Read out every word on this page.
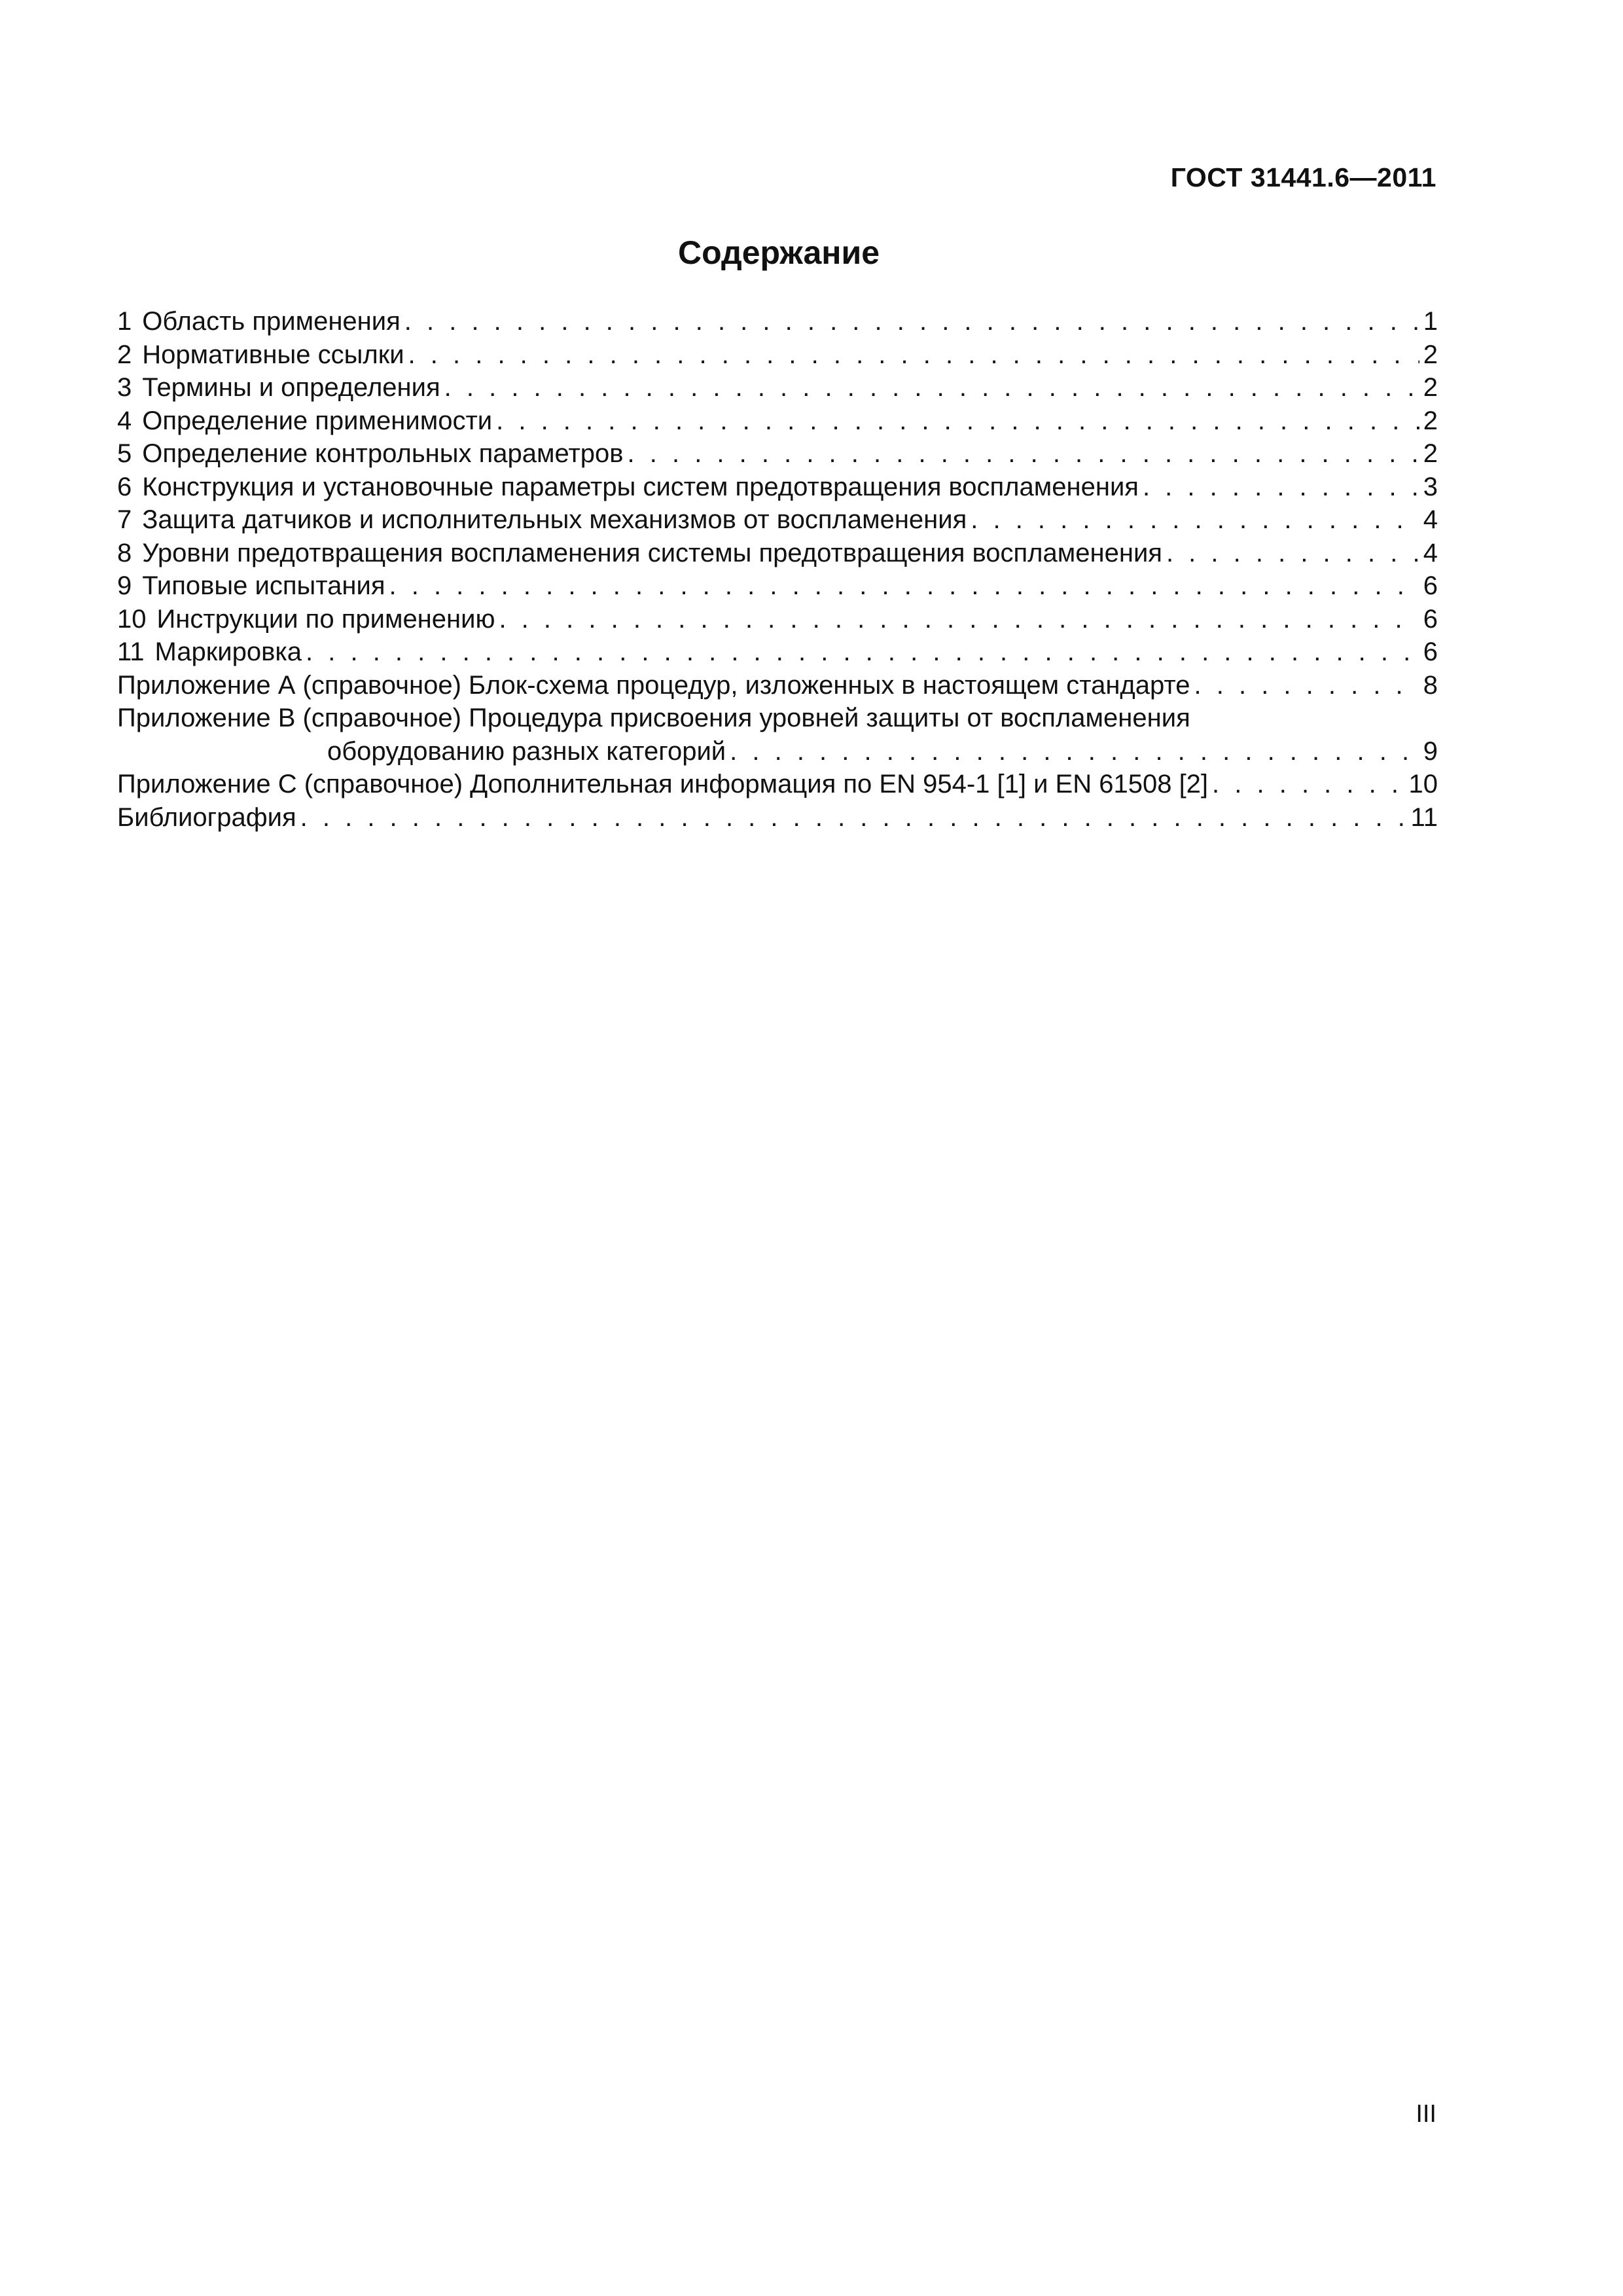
ГОСТ 31441.6—2011
Содержание
1 Область применения . . .	1
2 Нормативные ссылки . . .	2
3 Термины и определения . . .	2
4 Определение применимости . . .	2
5 Определение контрольных параметров . . .	2
6 Конструкция и установочные параметры систем предотвращения воспламенения . . .	3
7 Защита датчиков и исполнительных механизмов от воспламенения . . .	4
8 Уровни предотвращения воспламенения системы предотвращения воспламенения . . .	4
9 Типовые испытания . . .	6
10 Инструкции по применению . . .	6
11 Маркировка . . .	6
Приложение А (справочное) Блок-схема процедур, изложенных в настоящем стандарте . . .	8
Приложение В (справочное) Процедура присвоения уровней защиты от воспламенения
оборудованию разных категорий . . .	9
Приложение С (справочное) Дополнительная информация по EN 954-1 [1] и EN 61508 [2] . . .	10
Библиография . . .	11
III
